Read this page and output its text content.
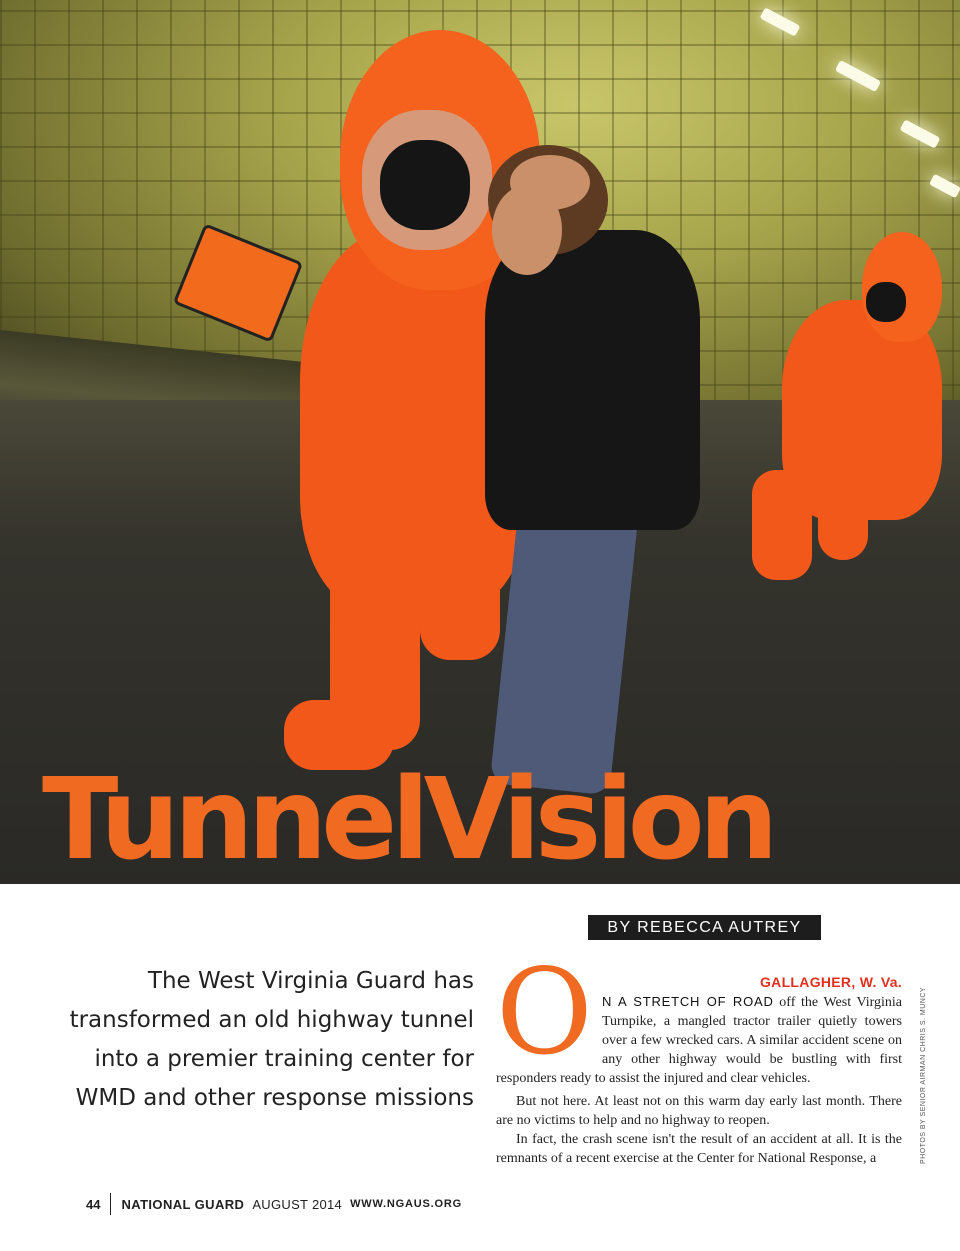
TunnelVision
BY REBECCA AUTREY
The West Virginia Guard has transformed an old highway tunnel into a premier training center for WMD and other response missions
O	GALLAGHER, W. Va.

N A STRETCH OF ROAD off the West Virginia Turnpike, a mangled tractor trailer quietly towers over a few wrecked cars. A similar accident scene on any other highway would be bustling with first responders ready to assist the injured and clear vehicles.

But not here. At least not on this warm day early last month. There are no victims to help and no highway to reopen.

In fact, the crash scene isn't the result of an accident at all. It is the remnants of a recent exercise at the Center for National Response, a	PHOTOS BY SENIOR AIRMAN CHRIS S. MUNCY
44 NATIONAL GUARD AUGUST 2014 WWW.NGAUS.ORG
